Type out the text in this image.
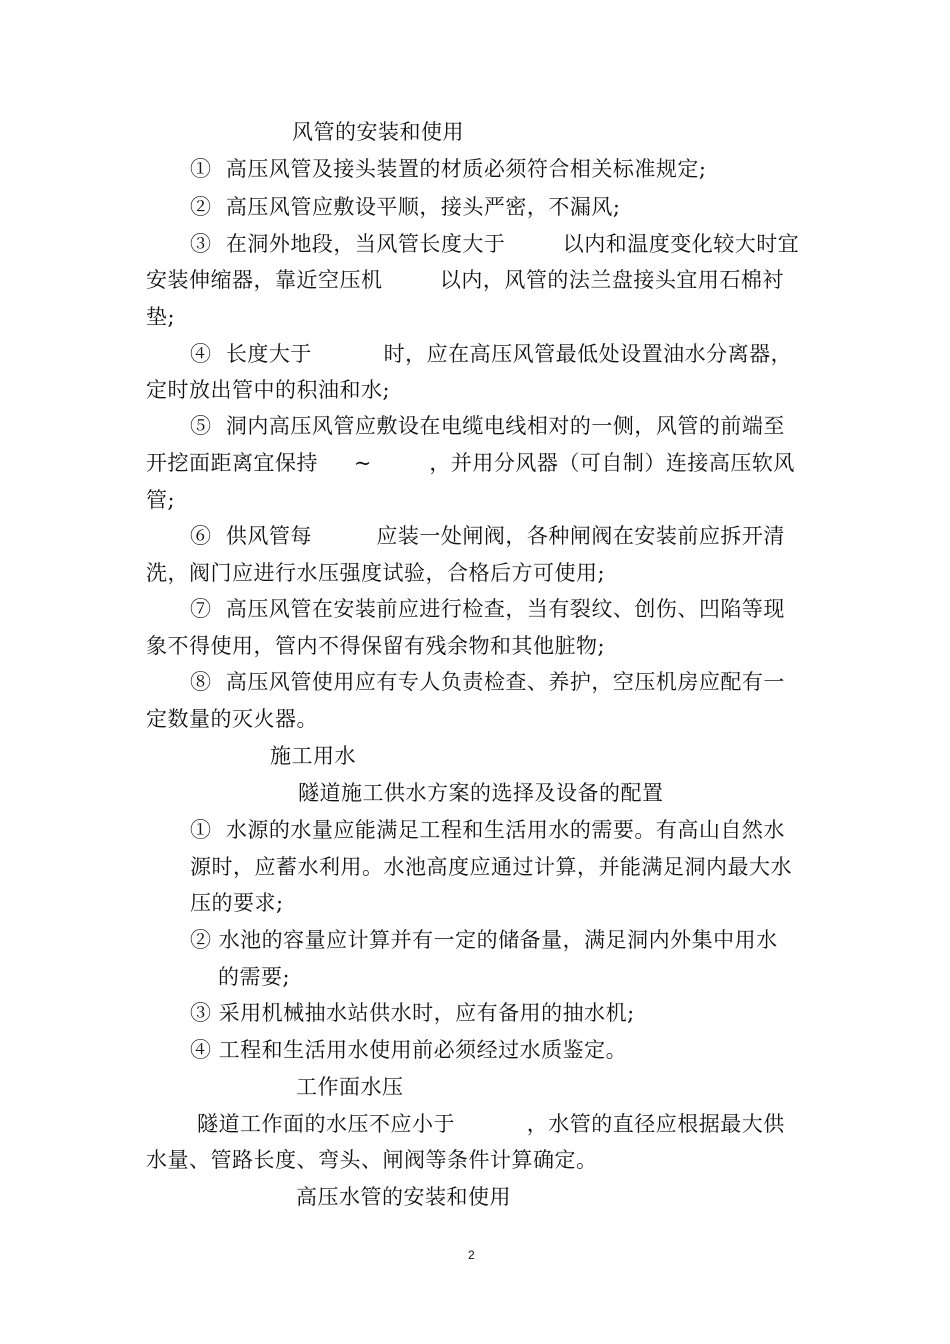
风管的安装和使用
①  高压风管及接头装置的材质必须符合相关标准规定;
②  高压风管应敷设平顺，接头严密，不漏风;
③  在洞外地段，当风管长度大于        以内和温度变化较大时宜
安装伸缩器，靠近空压机        以内，风管的法兰盘接头宜用石棉衬
垫;
④  长度大于          时，应在高压风管最低处设置油水分离器，
定时放出管中的积油和水;
⑤  洞内高压风管应敷设在电缆电线相对的一侧，风管的前端至
开挖面距离宜保持     ~        ，并用分风器（可自制）连接高压软风
管;
⑥  供风管每         应装一处闸阀，各种闸阀在安装前应拆开清
洗，阀门应进行水压强度试验，合格后方可使用;
⑦  高压风管在安装前应进行检查，当有裂纹、创伤、凹陷等现
象不得使用，管内不得保留有残余物和其他脏物;
⑧  高压风管使用应有专人负责检查、养护，空压机房应配有一
定数量的灭火器。
施工用水
隧道施工供水方案的选择及设备的配置
①  水源的水量应能满足工程和生活用水的需要。有高山自然水
源时，应蓄水利用。水池高度应通过计算，并能满足洞内最大水
压的要求;
② 水池的容量应计算并有一定的储备量，满足洞内外集中用水
的需要;
③ 采用机械抽水站供水时，应有备用的抽水机;
④ 工程和生活用水使用前必须经过水质鉴定。
工作面水压
隧道工作面的水压不应小于          ，水管的直径应根据最大供
水量、管路长度、弯头、闸阀等条件计算确定。
高压水管的安装和使用
2
